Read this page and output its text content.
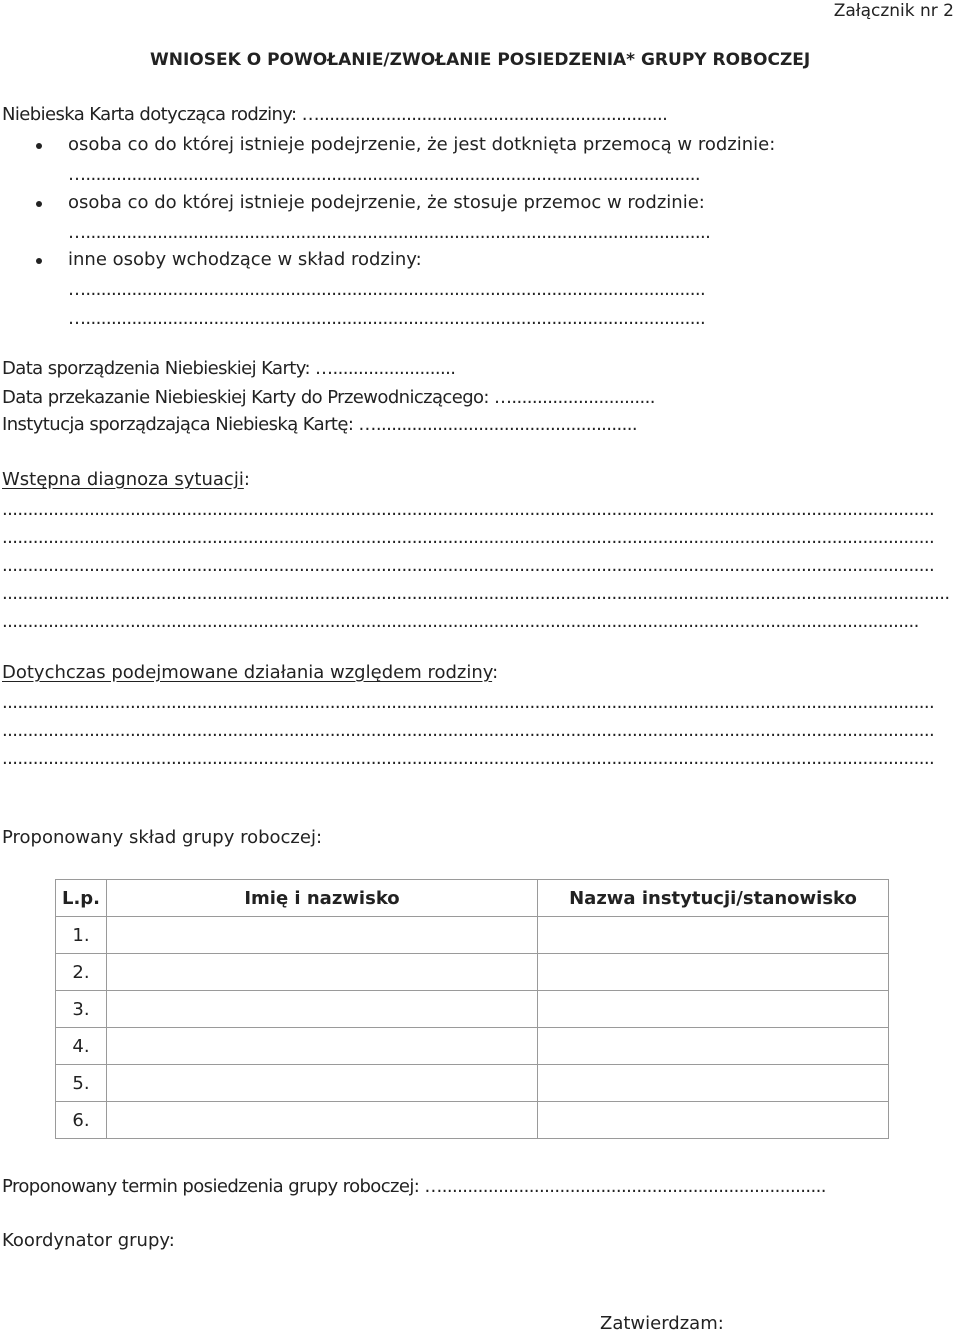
Załącznik nr 2
WNIOSEK O POWOŁANIE/ZWOŁANIE POSIEDZENIA* GRUPY ROBOCZEJ
Niebieska Karta dotycząca rodziny: …....................................................................
osoba co do której istnieje podejrzenie, że jest dotknięta przemocą w rodzinie:
…........................................................................................................................
osoba co do której istnieje podejrzenie, że stosuje przemoc w rodzinie:
…..........................................................................................................................
inne osoby wchodzące w skład rodziny:
….........................................................................................................................
….........................................................................................................................
Data sporządzenia Niebieskiej Karty: …........................
Data przekazanie Niebieskiej Karty do Przewodniczącego: …............................
Instytucja sporządzająca Niebieską Kartę: …...................................................
Wstępna diagnoza sytuacji:
......................................................................................................................................................................................
......................................................................................................................................................................................
......................................................................................................................................................................................
.........................................................................................................................................................................................
...................................................................................................................................................................................
Dotychczas podejmowane działania względem rodziny:
......................................................................................................................................................................................
......................................................................................................................................................................................
......................................................................................................................................................................................
Proponowany skład grupy roboczej:
L.p.	Imię i nazwisko	Nazwa instytucji/stanowisko
1.		
2.		
3.		
4.		
5.		
6.		
Proponowany termin posiedzenia grupy roboczej: …...........................................................................
Koordynator grupy:
Zatwierdzam:
